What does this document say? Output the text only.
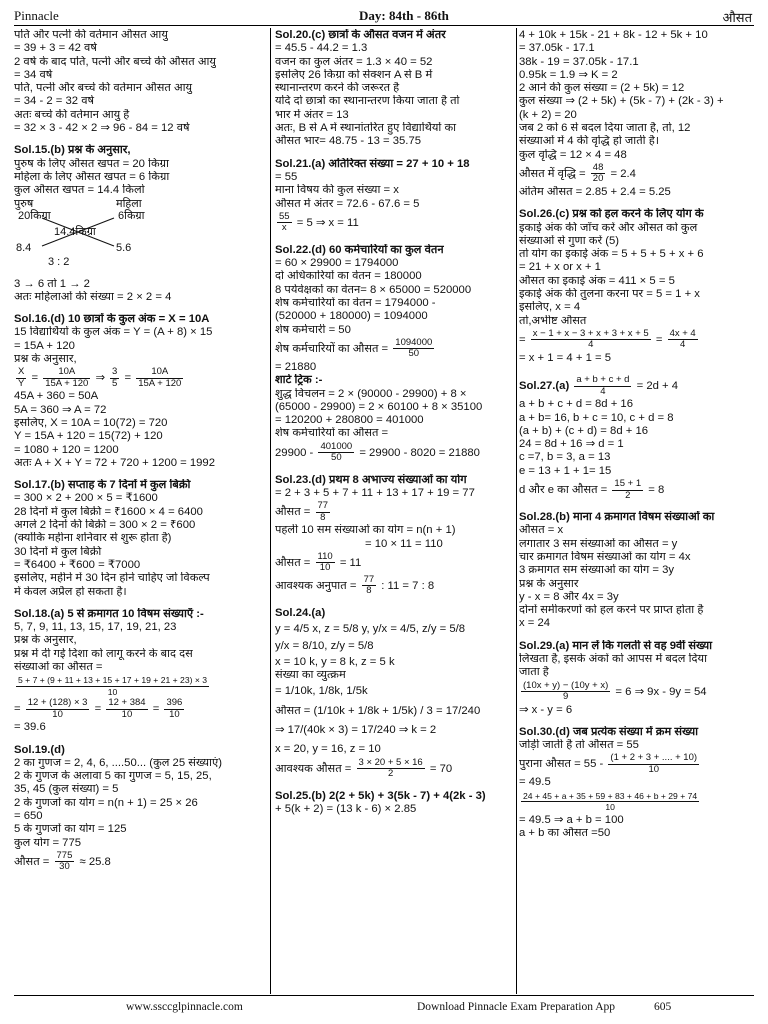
Pinnacle	Day: 84th - 86th	औसत
पति और पत्नी की वर्तमान औसत आयु
= 39 + 3 = 42 वर्ष
2 वर्ष के बाद पति, पत्नी और बच्चे की औसत आयु
= 34 वर्ष
पति, पत्नी और बच्चे की वर्तमान औसत आयु
= 34 - 2 = 32 वर्ष
अतः बच्चे की वर्तमान आयु है
= 32 × 3 - 42 × 2 ⇒ 96 - 84 = 12 वर्ष
Sol.15.(b) प्रश्न के अनुसार,
पुरुष के लिए औसत खपत = 20 किग्रा
महिला के लिए औसत खपत = 6 किग्रा
कुल औसत खपत = 14.4 किलो
पुरुष	महिला
20किग्रा	6किग्रा
14.4किग्रा
8.4	5.6
3 : 2
3 → 6 तो 1 → 2
अतः महिलाओं की संख्या = 2 × 2 = 4
Sol.16.(d) 10 छात्रों के कुल अंक = X = 10A
15 विद्यार्थियों के कुल अंक = Y = (A + 8) × 15
= 15A + 120
प्रश्न के अनुसार,
$\frac{X}{Y} = \frac{10A}{15A + 120}$ ⇒ $\frac{3}{5} = \frac{10A}{15A + 120}$
45A + 360 = 50A
5A = 360 ⇒ A = 72
इसलिए, X = 10A = 10(72) = 720
Y = 15A + 120 = 15(72) + 120
= 1080 + 120 = 1200
अतः A + X + Y = 72 + 720 + 1200 = 1992
Sol.17.(b) सप्ताह के 7 दिनों में कुल बिक्री
= 300 × 2 + 200 × 5 = ₹1600
28 दिनों में कुल बिक्री = ₹1600 × 4 = 6400
अगले 2 दिनों की बिक्री = 300 × 2 = ₹600
(क्योंकि महीना शनिवार से शुरू होता है)
30 दिनों में कुल बिक्री
= ₹6400 + ₹600 = ₹7000
इसलिए, महीने में 30 दिन होने चाहिए जो विकल्प
में केवल अप्रैल हो सकता है।
Sol.18.(a) 5 से क्रमागत 10 विषम संख्याएँ :-
5, 7, 9, 11, 13, 15, 17, 19, 21, 23
प्रश्न के अनुसार,
प्रश्न में दी गई दिशा को लागू करने के बाद दस
संख्याओं का औसत =
$\frac{5 + 7 + (9 + 11 + 13 + 15 + 17 + 19 + 21 + 23) \times 3}{10}$
= $\frac{12 + (128) \times 3}{10} = \frac{12 + 384}{10} = \frac{396}{10}$
= 39.6
Sol.19.(d)
2 का गुणज = 2, 4, 6, ....50... (कुल 25 संख्याएं)
2 के गुणज के अलावा 5 का गुणज = 5, 15, 25,
35, 45 (कुल संख्या) = 5
2 के गुणजों का योग = n(n + 1) = 25 × 26
= 650
5 के गुणजों का योग = 125
कुल योग = 775
औसत = $\frac{775}{30} \approx 25.8$
Sol.20.(c) छात्रों के औसत वजन में अंतर
= 45.5 - 44.2 = 1.3
वजन का कुल अंतर = 1.3 × 40 = 52
इसलिए 26 किग्रा को सेक्शन A से B में
स्थानान्तरण करने की जरूरत है
यदि दो छात्रों का स्थानान्तरण किया जाता है तो
भार में अंतर = 13
अतः, B से A में स्थानांतरित हुए विद्यार्थियों का
औसत भार= 48.75 - 13 = 35.75
Sol.21.(a) अतिरिक्त संख्या = 27 + 10 + 18
= 55
माना विषय की कुल संख्या = x
औसत में अंतर = 72.6 - 67.6 = 5
$\frac{55}{x} = 5$ ⇒ x = 11
Sol.22.(d) 60 कर्मचारियों का कुल वेतन
= 60 × 29900 = 1794000
दो अधिकारियों का वेतन = 180000
8 पर्यवेक्षकों का वेतन= 8 × 65000 = 520000
शेष कर्मचारियों का वेतन = 1794000 -
(520000 + 180000) = 1094000
शेष कर्मचारी = 50
शेष कर्मचारियों का औसत = $\frac{1094000}{50}$
= 21880
शार्ट ट्रिक :-
शुद्ध विचलन = 2 × (90000 - 29900) + 8 ×
(65000 - 29900) = 2 × 60100 + 8 × 35100
= 120200 + 280800 = 401000
शेष कर्मचारियों का औसत =
$29900 - \frac{401000}{50} = 29900 - 8020 = 21880$
Sol.23.(d) प्रथम 8 अभाज्य संख्याओं का योग
= 2 + 3 + 5 + 7 + 11 + 13 + 17 + 19 = 77
औसत = $\frac{77}{8}$
पहली 10 सम संख्याओं का योग = n(n + 1)
= 10 × 11 = 110
औसत = $\frac{110}{10} = 11$
आवश्यक अनुपात = $\frac{77}{8}$ : 11 = 7 : 8
Sol.24.(a)
y = 4/5 x, z = 5/8 y, y/x = 4/5, z/y = 5/8
y/x = 8/10, z/y = 5/8
x = 10 k, y = 8 k, z = 5 k
संख्या का व्युत्क्रम
= 1/10k, 1/8k, 1/5k
औसत = (1/10k + 1/8k + 1/5k) / 3 = 17/240
⇒ 17/(40k × 3) = 17/240 ⇒ k = 2
x = 20, y = 16, z = 10
आवश्यक औसत = $\frac{3 \times 20 + 5 \times 16}{2} = 70$
Sol.25.(b) 2(2 + 5k) + 3(5k - 7) + 4(2k - 3)
+ 5(k + 2) = (13 k - 6) × 2.85
4 + 10k + 15k - 21 + 8k - 12 + 5k + 10
= 37.05k - 17.1
38k - 19 = 37.05k - 17.1
0.95k = 1.9 ⇒ K = 2
2 आने की कुल संख्या = (2 + 5k) = 12
कुल संख्या ⇒ (2 + 5k) + (5k - 7) + (2k - 3) +
(k + 2) = 20
जब 2 को 6 से बदल दिया जाता है, तो, 12
संख्याओं में 4 की वृद्धि हो जाती है।
कुल वृद्धि = 12 × 4 = 48
औसत में वृद्धि = $\frac{48}{20} = 2.4$
अंतिम औसत = 2.85 + 2.4 = 5.25
Sol.26.(c) प्रश्न को हल करने के लिए योग के
इकाई अंक की जाँच करें और औसत को कुल
संख्याओं से गुणा करें (5)
तो योग का इकाई अंक = 5 + 5 + 5 + x + 6
= 21 + x or x + 1
औसत का इकाई अंक = 411 × 5 = 5
इकाई अंक की तुलना करना पर = 5 = 1 + x
इसलिए, x = 4
तो,अभीष्ट औसत
= $\frac{x - 1 + x - 3 + x + 3 + x + 5}{4} = \frac{4x + 4}{4}$
= x + 1 = 4 + 1 = 5
$Sol.27.(a) \frac{a + b + c + d}{4} = 2d + 4$
a + b + c + d = 8d + 16
a + b= 16, b + c = 10, c + d = 8
(a + b) + (c + d) = 8d + 16
24 = 8d + 16 ⇒ d = 1
c =7, b = 3, a = 13
e = 13 + 1 + 1= 15
d और e का औसत = $\frac{15 + 1}{2} = 8$
Sol.28.(b) माना 4 क्रमागत विषम संख्याओं का
औसत = x
लगातार 3 सम संख्याओं का औसत = y
चार क्रमागत विषम संख्याओं का योग = 4x
3 क्रमागत सम संख्याओं का योग = 3y
प्रश्न के अनुसार
y - x = 8 और 4x = 3y
दोनों समीकरणों को हल करने पर प्राप्त होता है
x = 24
Sol.29.(a) मान लें कि गलती से वह 9वीं संख्या
लिखता है, इसके अंकों को आपस में बदल दिया
जाता है
$\frac{(10x + y) - (10y + x)}{9} = 6$ ⇒ 9x - 9y = 54
⇒ x - y = 6
Sol.30.(d) जब प्रत्येक संख्या में क्रम संख्या
जोड़ी जाती है तो औसत = 55
पुराना औसत = $55 - \frac{(1 + 2 + 3 + .... + 10)}{10}$
= 49.5
$\frac{24 + 45 + a + 35 + 59 + 83 + 46 + b + 29 + 74}{10}$
= 49.5 ⇒ a + b = 100
a + b का औसत =50
www.ssccglpinnacle.com	Download Pinnacle Exam Preparation App	605
